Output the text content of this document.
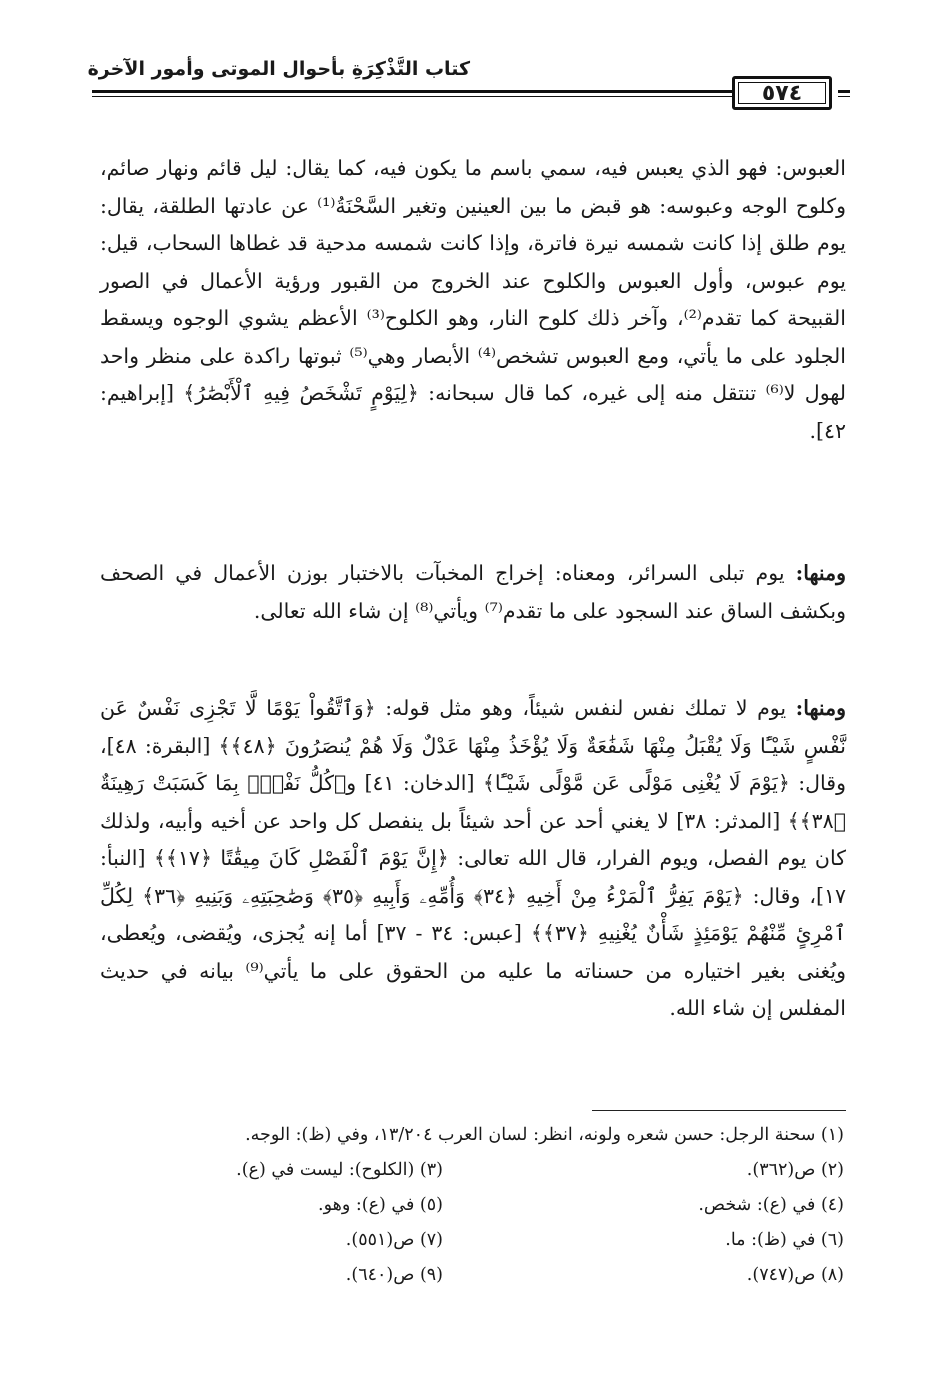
كتاب التَّذْكِرَةِ بأحوال الموتى وأمور الآخرة
٥٧٤

العبوس: فهو الذي يعبس فيه، سمي باسم ما يكون فيه، كما يقال: ليل قائم ونهار صائم، وكلوح الوجه وعبوسه: هو قبض ما بين العينين وتغير السَّحْنَةُ⁽¹⁾ عن عادتها الطلقة، يقال: يوم طلق إذا كانت شمسه نيرة فاترة، وإذا كانت شمسه مدحية قد غطاها السحاب، قيل: يوم عبوس، وأول العبوس والكلوح عند الخروج من القبور ورؤية الأعمال في الصور القبيحة كما تقدم⁽²⁾، وآخر ذلك كلوح النار، وهو الكلوح⁽³⁾ الأعظم يشوي الوجوه ويسقط الجلود على ما يأتي، ومع العبوس تشخص⁽⁴⁾ الأبصار وهي⁽⁵⁾ ثبوتها راكدة على منظر واحد لهول لا⁽⁶⁾ تنتقل منه إلى غيره، كما قال سبحانه: ﴿لِيَوْمٍ تَشْخَصُ فِيهِ ٱلْأَبْصَٰرُ﴾ [إبراهيم: ٤٢].

ومنها: يوم تبلى السرائر، ومعناه: إخراج المخبآت بالاختبار بوزن الأعمال في الصحف وبكشف الساق عند السجود على ما تقدم⁽⁷⁾ ويأتي⁽⁸⁾ إن شاء الله تعالى.

ومنها: يوم لا تملك نفس لنفس شيئاً، وهو مثل قوله: ﴿وَٱتَّقُواْ يَوْمًا لَّا تَجْزِى نَفْسٌ عَن نَّفْسٍ شَيْـًٔا وَلَا يُقْبَلُ مِنْهَا شَفَٰعَةٌ وَلَا يُؤْخَذُ مِنْهَا عَدْلٌ وَلَا هُمْ يُنصَرُونَ ﴿٤٨﴾﴾ [البقرة: ٤٨]، وقال: ﴿يَوْمَ لَا يُغْنِى مَوْلًى عَن مَّوْلًى شَيْـًٔا﴾ [الدخان: ٤١] و﴿كُلُّ نَفْسٍۭ بِمَا كَسَبَتْ رَهِينَةٌ ﴿٣٨﴾﴾ [المدثر: ٣٨] لا يغني أحد عن أحد شيئاً بل ينفصل كل واحد عن أخيه وأبيه، ولذلك كان يوم الفصل، ويوم الفرار، قال الله تعالى: ﴿إِنَّ يَوْمَ ٱلْفَصْلِ كَانَ مِيقَٰتًا ﴿١٧﴾﴾ [النبأ: ١٧]، وقال: ﴿يَوْمَ يَفِرُّ ٱلْمَرْءُ مِنْ أَخِيهِ ﴿٣٤﴾ وَأُمِّهِۦ وَأَبِيهِ ﴿٣٥﴾ وَصَٰحِبَتِهِۦ وَبَنِيهِ ﴿٣٦﴾ لِكُلِّ ٱمْرِئٍ مِّنْهُمْ يَوْمَئِذٍ شَأْنٌ يُغْنِيهِ ﴿٣٧﴾﴾ [عبس: ٣٤ - ٣٧] أما إنه يُجزى، ويُقضى، ويُعطى، ويُغنى بغير اختياره من حسناته ما عليه من الحقوق على ما يأتي⁽⁹⁾ بيانه في حديث المفلس إن شاء الله.

(١) سحنة الرجل: حسن شعره ولونه، انظر: لسان العرب ١٣/٢٠٤، وفي (ظ): الوجه.
(٢) ص(٣٦٢).
(٣) (الكلوح): ليست في (ع).
(٤) في (ع): شخص.
(٥) في (ع): وهو.
(٦) في (ظ): ما.
(٧) ص(٥٥١).
(٨) ص(٧٤٧).
(٩) ص(٦٤٠).
